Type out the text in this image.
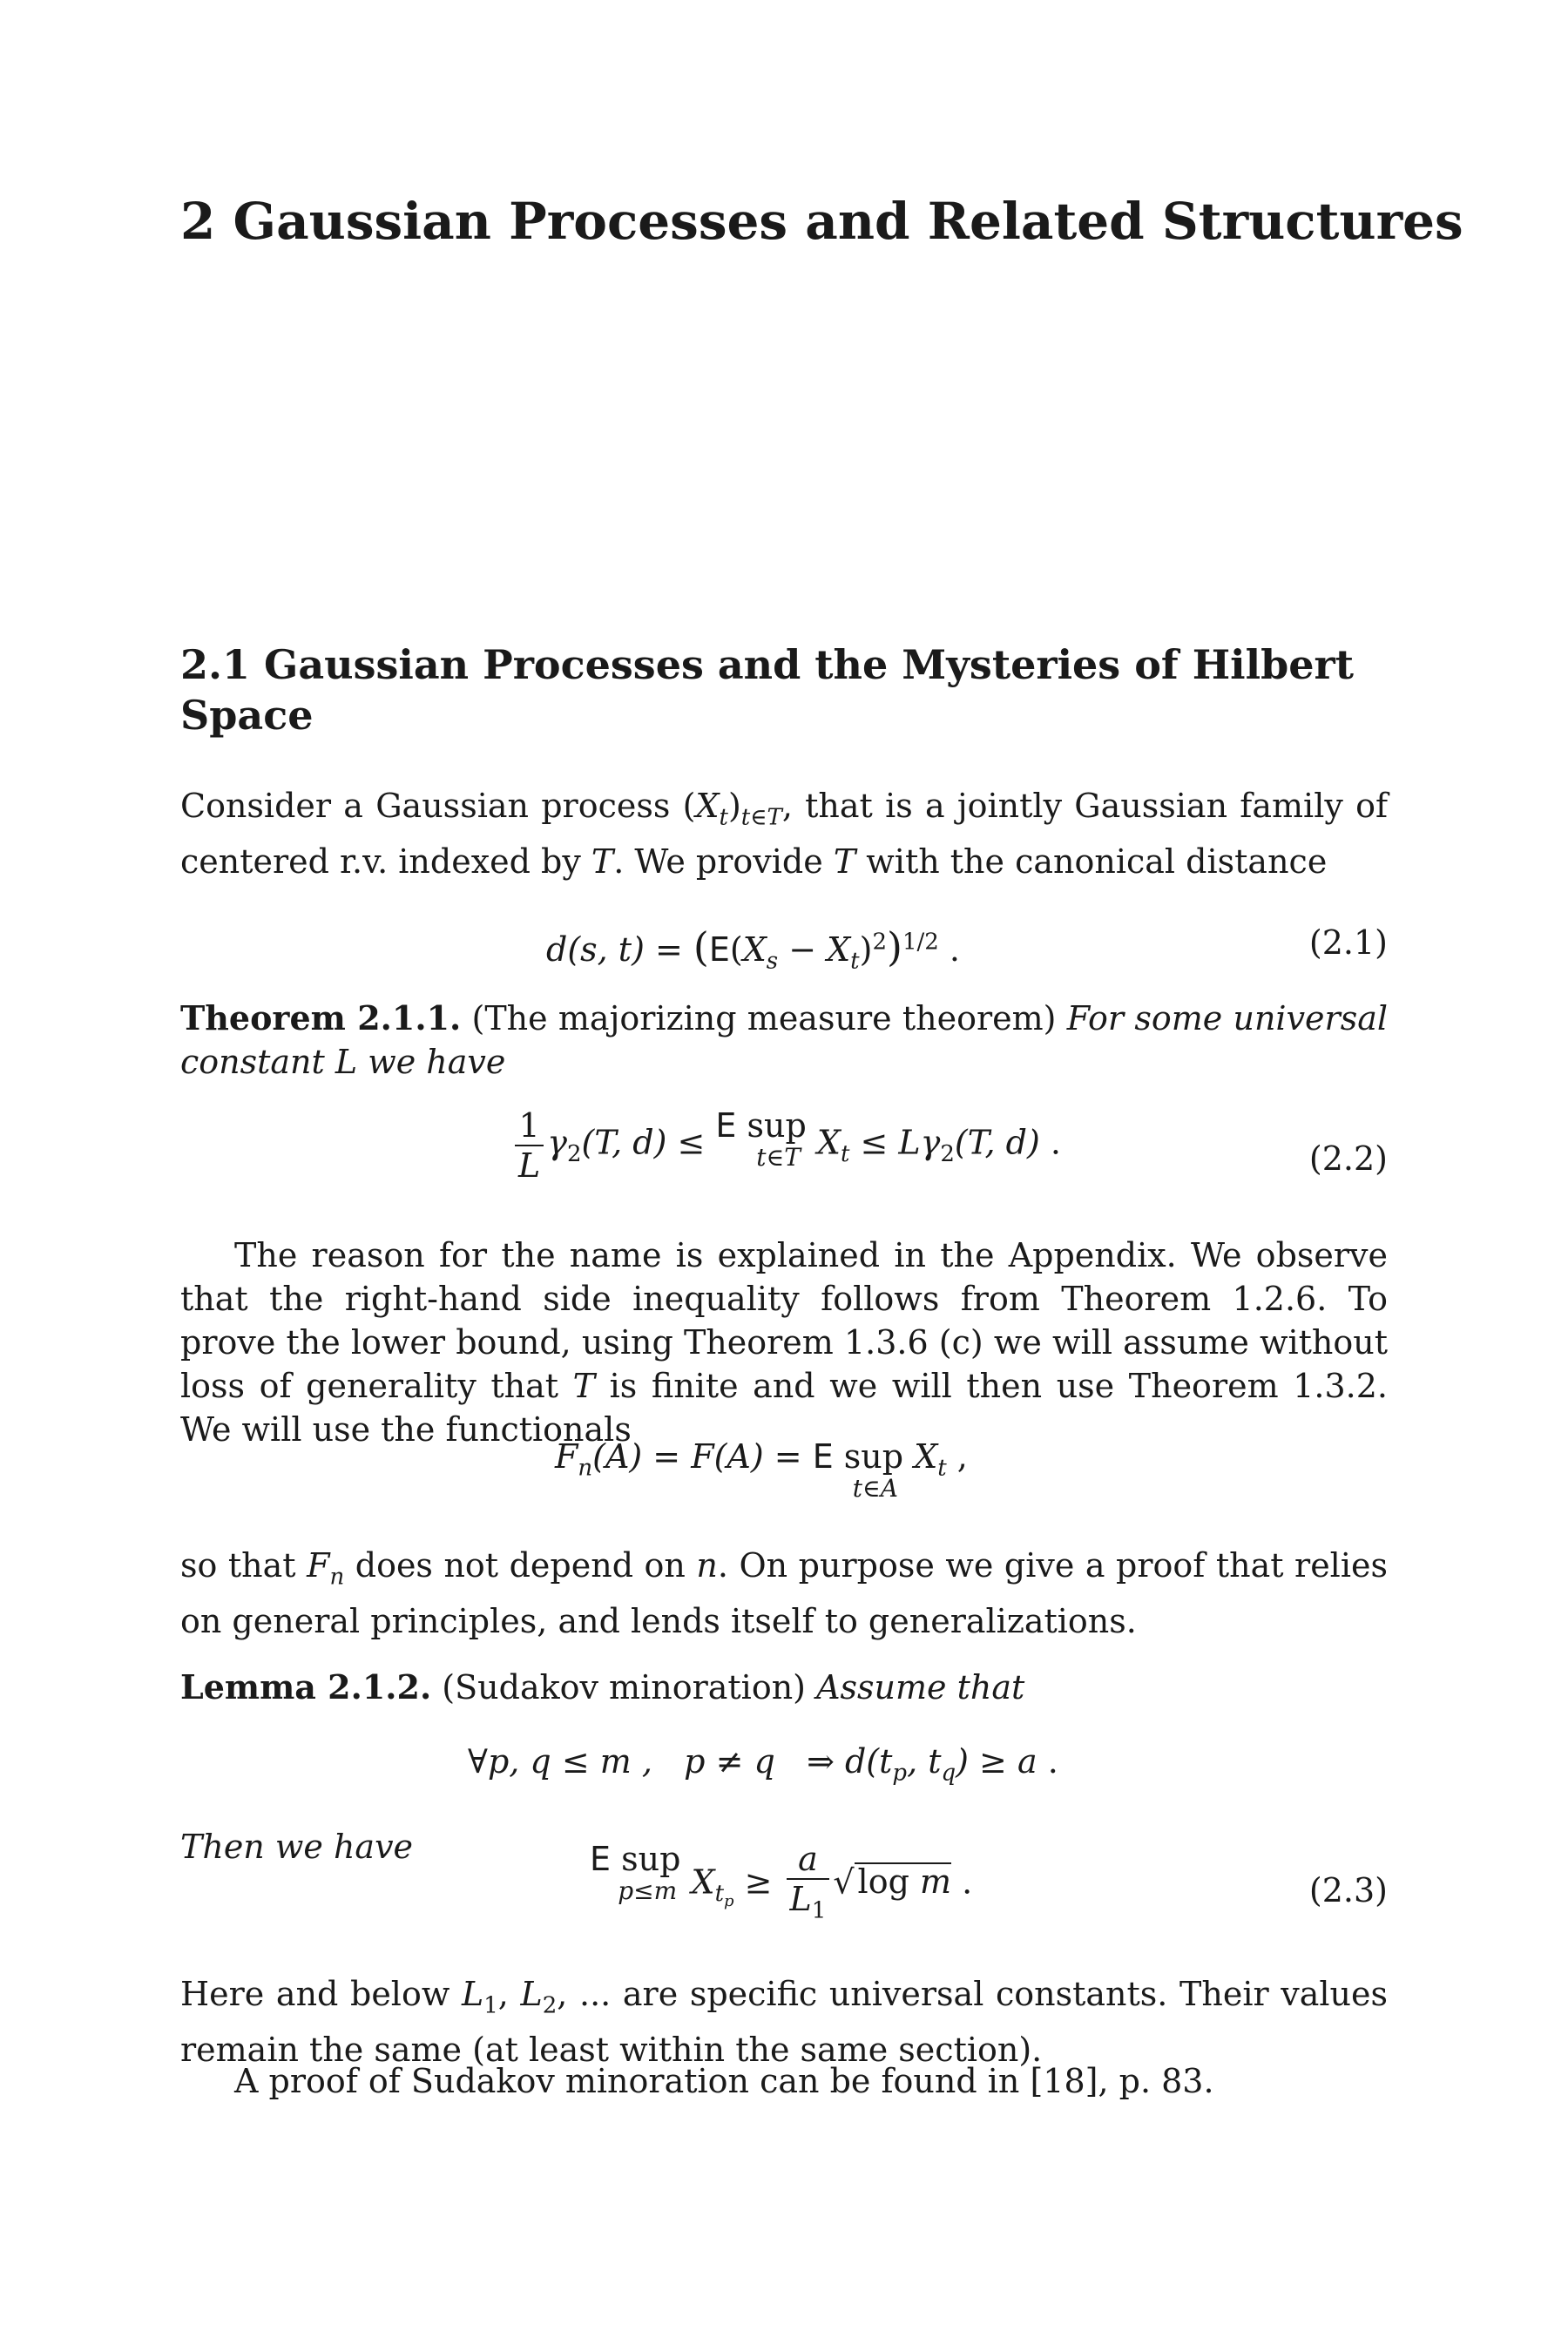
2 Gaussian Processes and Related Structures
2.1 Gaussian Processes and the Mysteries of Hilbert Space

Consider a Gaussian process $(X_t)_{t\in T}$, that is a jointly Gaussian family of centered r.v. indexed by T. We provide T with the canonical distance

d(s, $t) = (E(X_s - X_t)^2)^{1/2}$ .	(2.1)

Theorem 2.1.1. (The majorizing measure theorem) For some universal constant L we have

$\frac{1}{L} \gamma_2(T$, d) ≤ E sup
t∈T $X_t \le L\gamma_2(T$, d) .	(2.2)

The reason for the name is explained in the Appendix. We observe that the right-hand side inequality follows from Theorem 1.2.6. To prove the lower bound, using Theorem 1.3.6 (c) we will assume without loss of generality that T is finite and we will then use Theorem 1.3.2. We will use the functionals

$F_n(A) = F(A) = E$ sup
t∈A
$X_t$ ,

so that $F_n$ does not depend on n. On purpose we give a proof that relies on general principles, and lends itself to generalizations.

Lemma 2.1.2. (Sudakov minoration) Assume that

∀p, q ≤ m ,   p ≠ q   ⇒ $d(t_p$, $t_q) \ge a$ .
Then we have	E sup
p≤m $X_{t_p} \ge \frac{a}{L_1}$ √ log m .	(2.3)

Here and below $L_1$, $L_2$, ... are specific universal constants. Their values remain the same (at least within the same section).

A proof of Sudakov minoration can be found in [18], p. 83.
